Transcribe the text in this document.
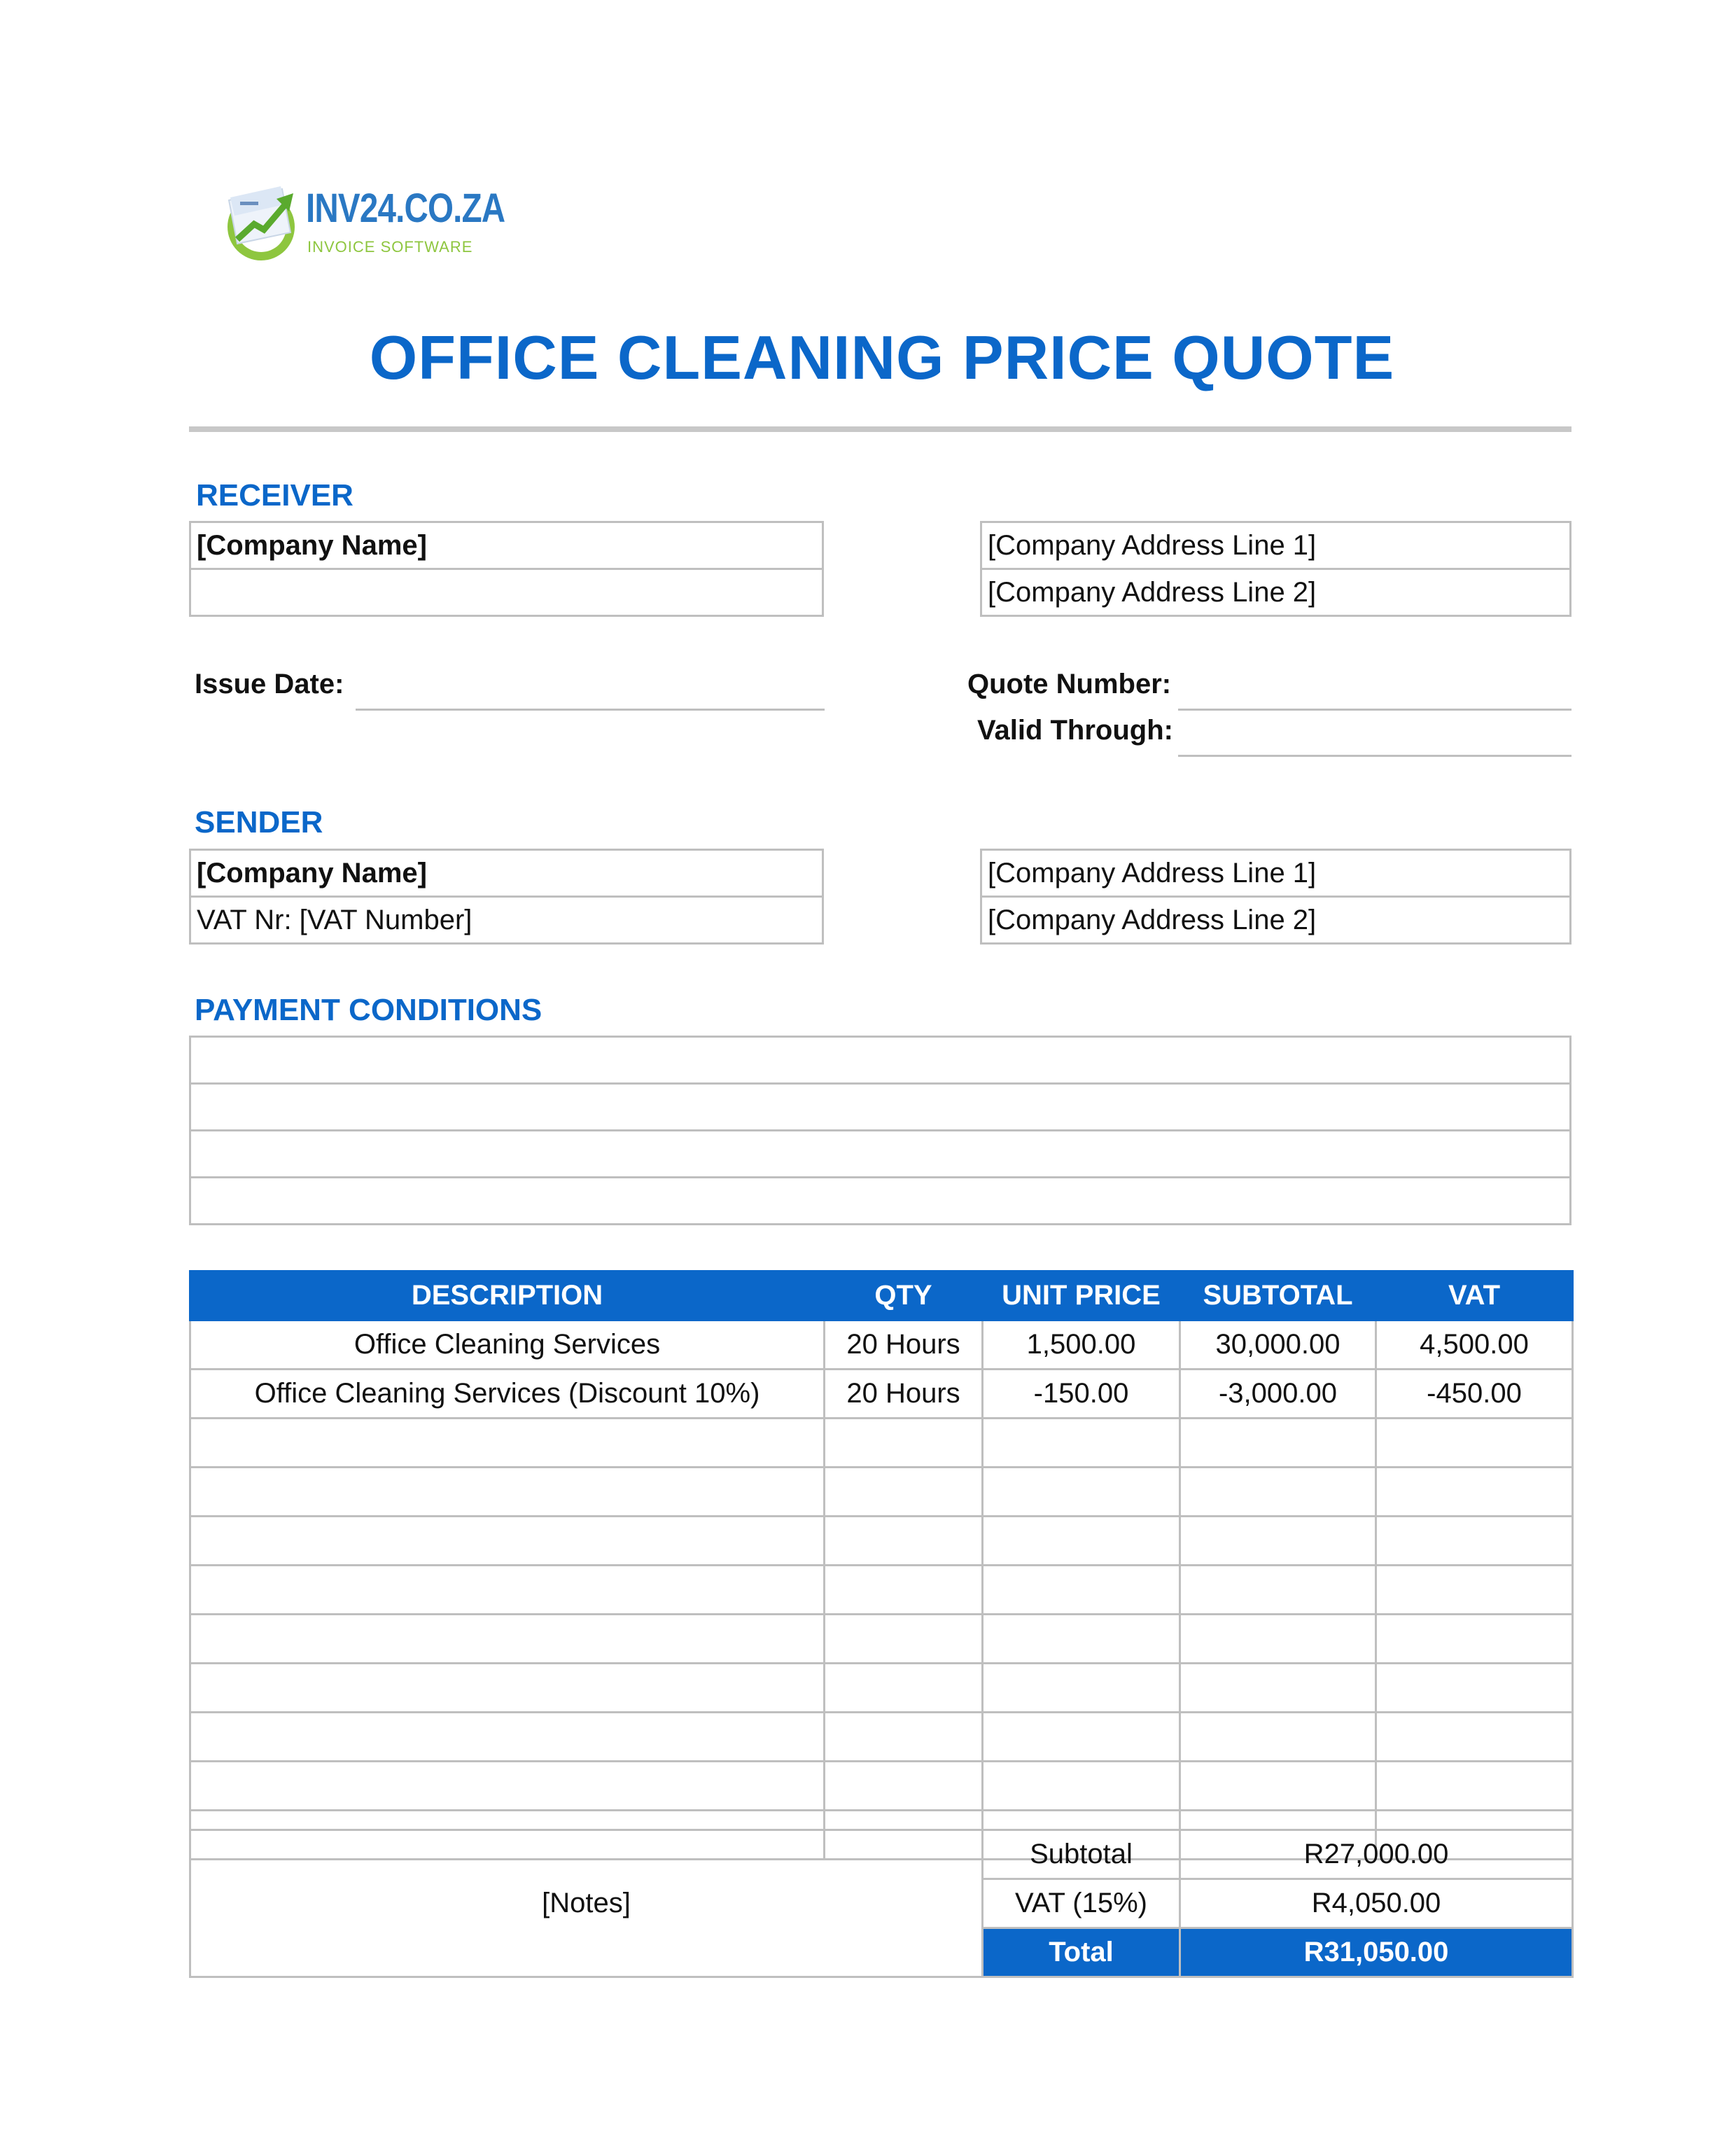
INV24.CO.ZA
INVOICE SOFTWARE
OFFICE CLEANING PRICE QUOTE
RECEIVER
[Company Name]	[Company Address Line 1]
[Company Address Line 2]
Issue Date:	Quote Number:
Valid Through:
SENDER
[Company Name]
VAT Nr: [VAT Number]
[Company Address Line 1]
[Company Address Line 2]
PAYMENT CONDITIONS
DESCRIPTION	QTY	UNIT PRICE	SUBTOTAL	VAT
Office Cleaning Services	20 Hours	1,500.00	30,000.00	4,500.00
Office Cleaning Services (Discount 10%)	20 Hours	-150.00	-3,000.00	-450.00

[Notes]	Subtotal	R27,000.00
	VAT (15%)	R4,050.00
	Total	R31,050.00
